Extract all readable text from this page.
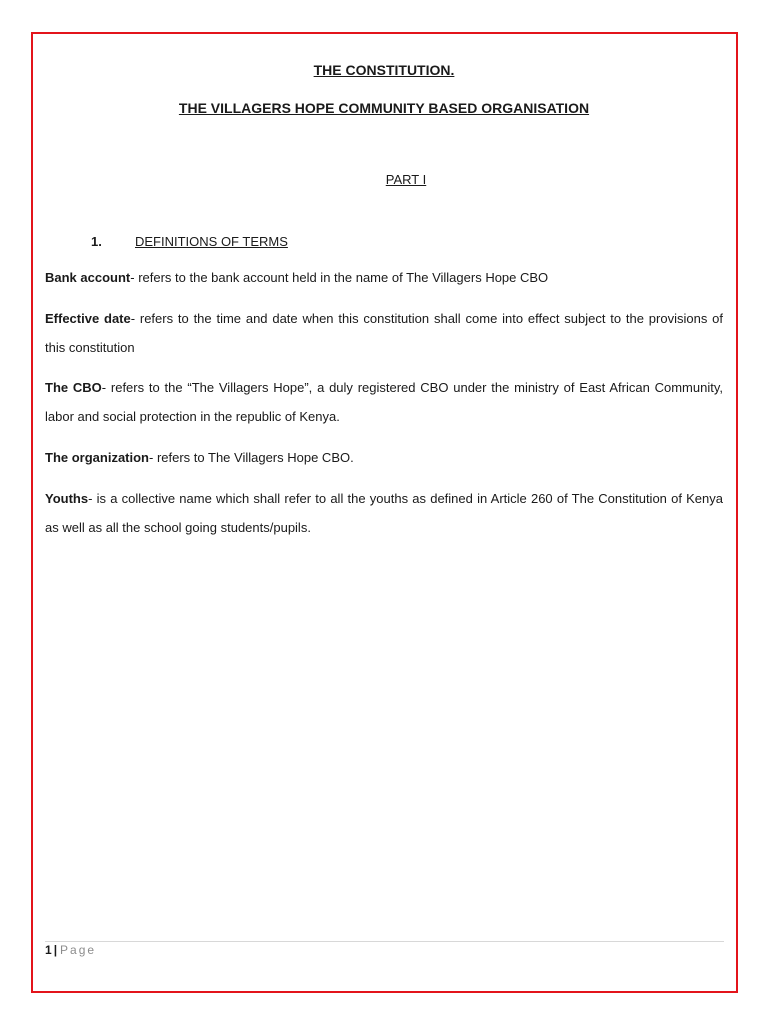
THE CONSTITUTION.
THE VILLAGERS HOPE COMMUNITY BASED ORGANISATION
PART I
1.	DEFINITIONS OF TERMS
Bank account- refers to the bank account held in the name of The Villagers Hope CBO
Effective date- refers to the time and date when this constitution shall come into effect subject to the provisions of this constitution
The CBO- refers to the “The Villagers Hope”, a duly registered CBO under the ministry of East African Community, labor and social protection in the republic of Kenya.
The organization- refers to The Villagers Hope CBO.
Youths- is a collective name which shall refer to all the youths as defined in Article 260 of The Constitution of Kenya as well as all the school going students/pupils.
1 | Page
